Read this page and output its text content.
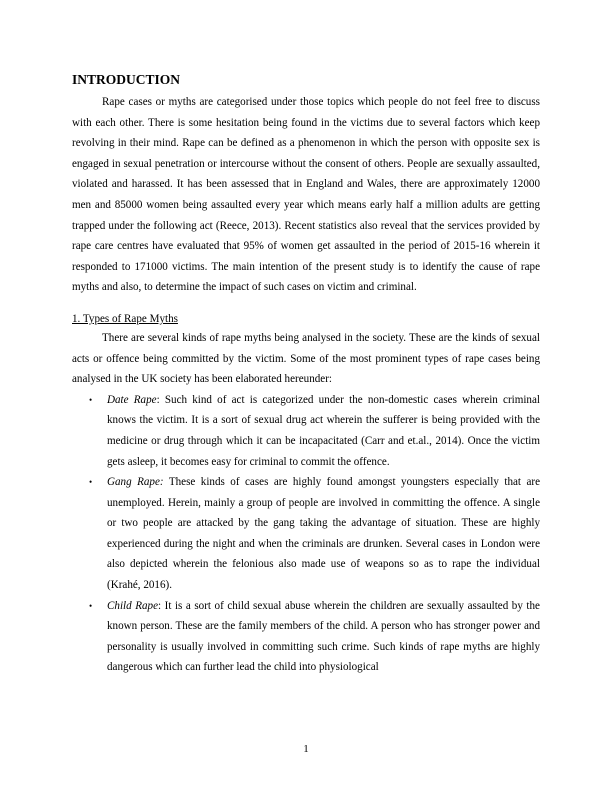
INTRODUCTION

Rape cases or myths are categorised under those topics which people do not feel free to discuss with each other. There is some hesitation being found in the victims due to several factors which keep revolving in their mind. Rape can be defined as a phenomenon in which the person with opposite sex is engaged in sexual penetration or intercourse without the consent of others. People are sexually assaulted, violated and harassed. It has been assessed that in England and Wales, there are approximately 12000 men and 85000 women being assaulted every year which means early half a million adults are getting trapped under the following act (Reece, 2013). Recent statistics also reveal that the services provided by rape care centres have evaluated that 95% of women get assaulted in the period of 2015-16 wherein it responded to 171000 victims. The main intention of the present study is to identify the cause of rape myths and also, to determine the impact of such cases on victim and criminal.

1. Types of Rape Myths

There are several kinds of rape myths being analysed in the society. These are the kinds of sexual acts or offence being committed by the victim. Some of the most prominent types of rape cases being analysed in the UK society has been elaborated hereunder:

• Date Rape: Such kind of act is categorized under the non-domestic cases wherein criminal knows the victim. It is a sort of sexual drug act wherein the sufferer is being provided with the medicine or drug through which it can be incapacitated (Carr and et.al., 2014). Once the victim gets asleep, it becomes easy for criminal to commit the offence.
• Gang Rape: These kinds of cases are highly found amongst youngsters especially that are unemployed. Herein, mainly a group of people are involved in committing the offence. A single or two people are attacked by the gang taking the advantage of situation. These are highly experienced during the night and when the criminals are drunken. Several cases in London were also depicted wherein the felonious also made use of weapons so as to rape the individual (Krahé, 2016).
• Child Rape: It is a sort of child sexual abuse wherein the children are sexually assaulted by the known person. These are the family members of the child. A person who has stronger power and personality is usually involved in committing such crime. Such kinds of rape myths are highly dangerous which can further lead the child into physiological
1
